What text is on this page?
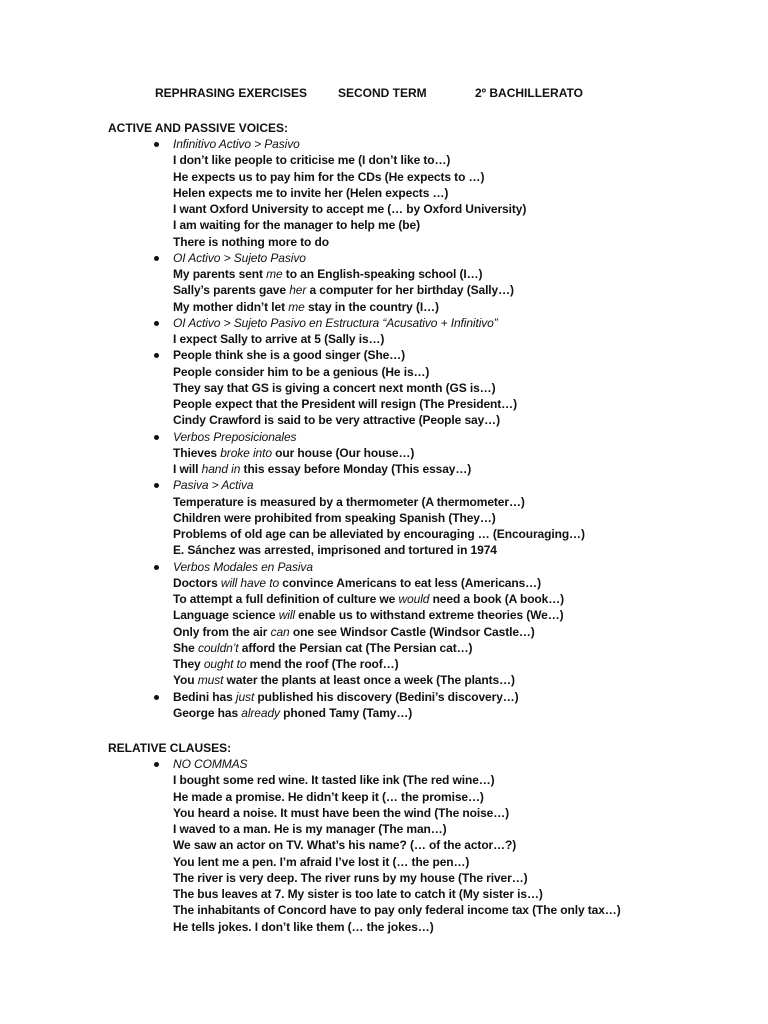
REPHRASING EXERCISES	SECOND TERM	2º BACHILLERATO
ACTIVE AND PASSIVE VOICES:
Infinitivo Activo > Pasivo
I don’t like people to criticise me (I don’t like to…)
He expects us to pay him for the CDs (He expects to …)
Helen expects me to invite her (Helen expects …)
I want Oxford University to accept me (… by Oxford University)
I am waiting for the manager to help me (be)
There is nothing more to do
OI Activo > Sujeto Pasivo
My parents sent me to an English-speaking school (I…)
Sally’s parents gave her a computer for her birthday (Sally…)
My mother didn’t let me stay in the country (I…)
OI Activo > Sujeto Pasivo en Estructura “Acusativo + Infinitivo”
I expect Sally to arrive at 5 (Sally is…)
People think she is a good singer (She…)
People consider him to be a genious (He is…)
They say that GS is giving a concert next month (GS is…)
People expect that the President will resign (The President…)
Cindy Crawford is said to be very attractive (People say…)
Verbos Preposicionales
Thieves broke into our house (Our house…)
I will hand in this essay before Monday (This essay…)
Pasiva > Activa
Temperature is measured by a thermometer (A thermometer…)
Children were prohibited from speaking Spanish (They…)
Problems of old age can be alleviated by encouraging … (Encouraging…)
E. Sánchez was arrested, imprisoned and tortured in 1974
Verbos Modales en Pasiva
Doctors will have to convince Americans to eat less (Americans…)
To attempt a full definition of culture we would need a book (A book…)
Language science will enable us to withstand extreme theories (We…)
Only from the air can one see Windsor Castle (Windsor Castle…)
She couldn’t afford the Persian cat (The Persian cat…)
They ought to mend the roof (The roof…)
You must water the plants at least once a week (The plants…)
Bedini has just published his discovery (Bedini’s discovery…)
George has already phoned Tamy (Tamy…)
RELATIVE CLAUSES:
NO COMMAS
I bought some red wine. It tasted like ink (The red wine…)
He made a promise. He didn’t keep it (… the promise…)
You heard a noise. It must have been the wind (The noise…)
I waved to a man. He is my manager (The man…)
We saw an actor on TV. What’s his name? (… of the actor…?)
You lent me a pen. I’m afraid I’ve lost it (… the pen…)
The river is very deep. The river runs by my house (The river…)
The bus leaves at 7. My sister is too late to catch it (My sister is…)
The inhabitants of Concord have to pay only federal income tax (The only tax…)
He tells jokes. I don’t like them (… the jokes…)
